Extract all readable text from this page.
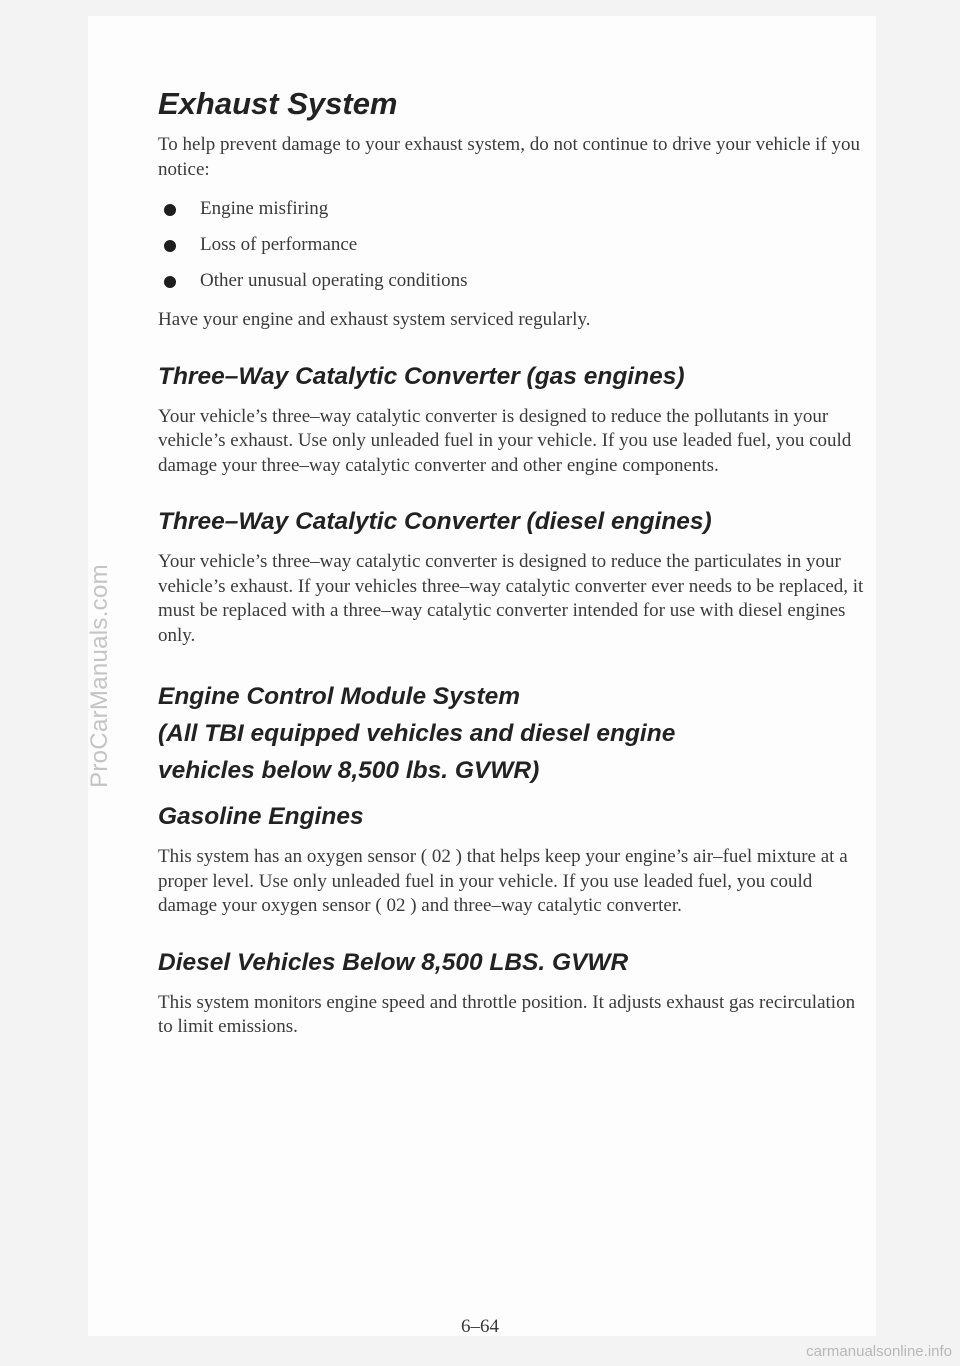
ProCarManuals.com
Exhaust System

To help prevent damage to your exhaust system, do not continue to drive your vehicle if you notice:

Engine misfiring
Loss of performance
Other unusual operating conditions

Have your engine and exhaust system serviced regularly.

Three–Way Catalytic Converter (gas engines)

Your vehicle’s three–way catalytic converter is designed to reduce the pollutants in your vehicle’s exhaust. Use only unleaded fuel in your vehicle. If you use leaded fuel, you could damage your three–way catalytic converter and other engine components.

Three–Way Catalytic Converter (diesel engines)

Your vehicle’s three–way catalytic converter is designed to reduce the particulates in your vehicle’s exhaust. If your vehicles three–way catalytic converter ever needs to be replaced, it must be replaced with a three–way catalytic converter intended for use with diesel engines only.

Engine Control Module System
(All TBI equipped vehicles and diesel engine
vehicles below 8,500 lbs. GVWR)
Gasoline Engines

This system has an oxygen sensor ( 02 ) that helps keep your engine’s air–fuel mixture at a proper level. Use only unleaded fuel in your vehicle. If you use leaded fuel, you could damage your oxygen sensor ( 02 ) and three–way catalytic converter.

Diesel Vehicles Below 8,500 LBS. GVWR

This system monitors engine speed and throttle position. It adjusts exhaust gas recirculation to limit emissions.

6–64
carmanualsonline.info
